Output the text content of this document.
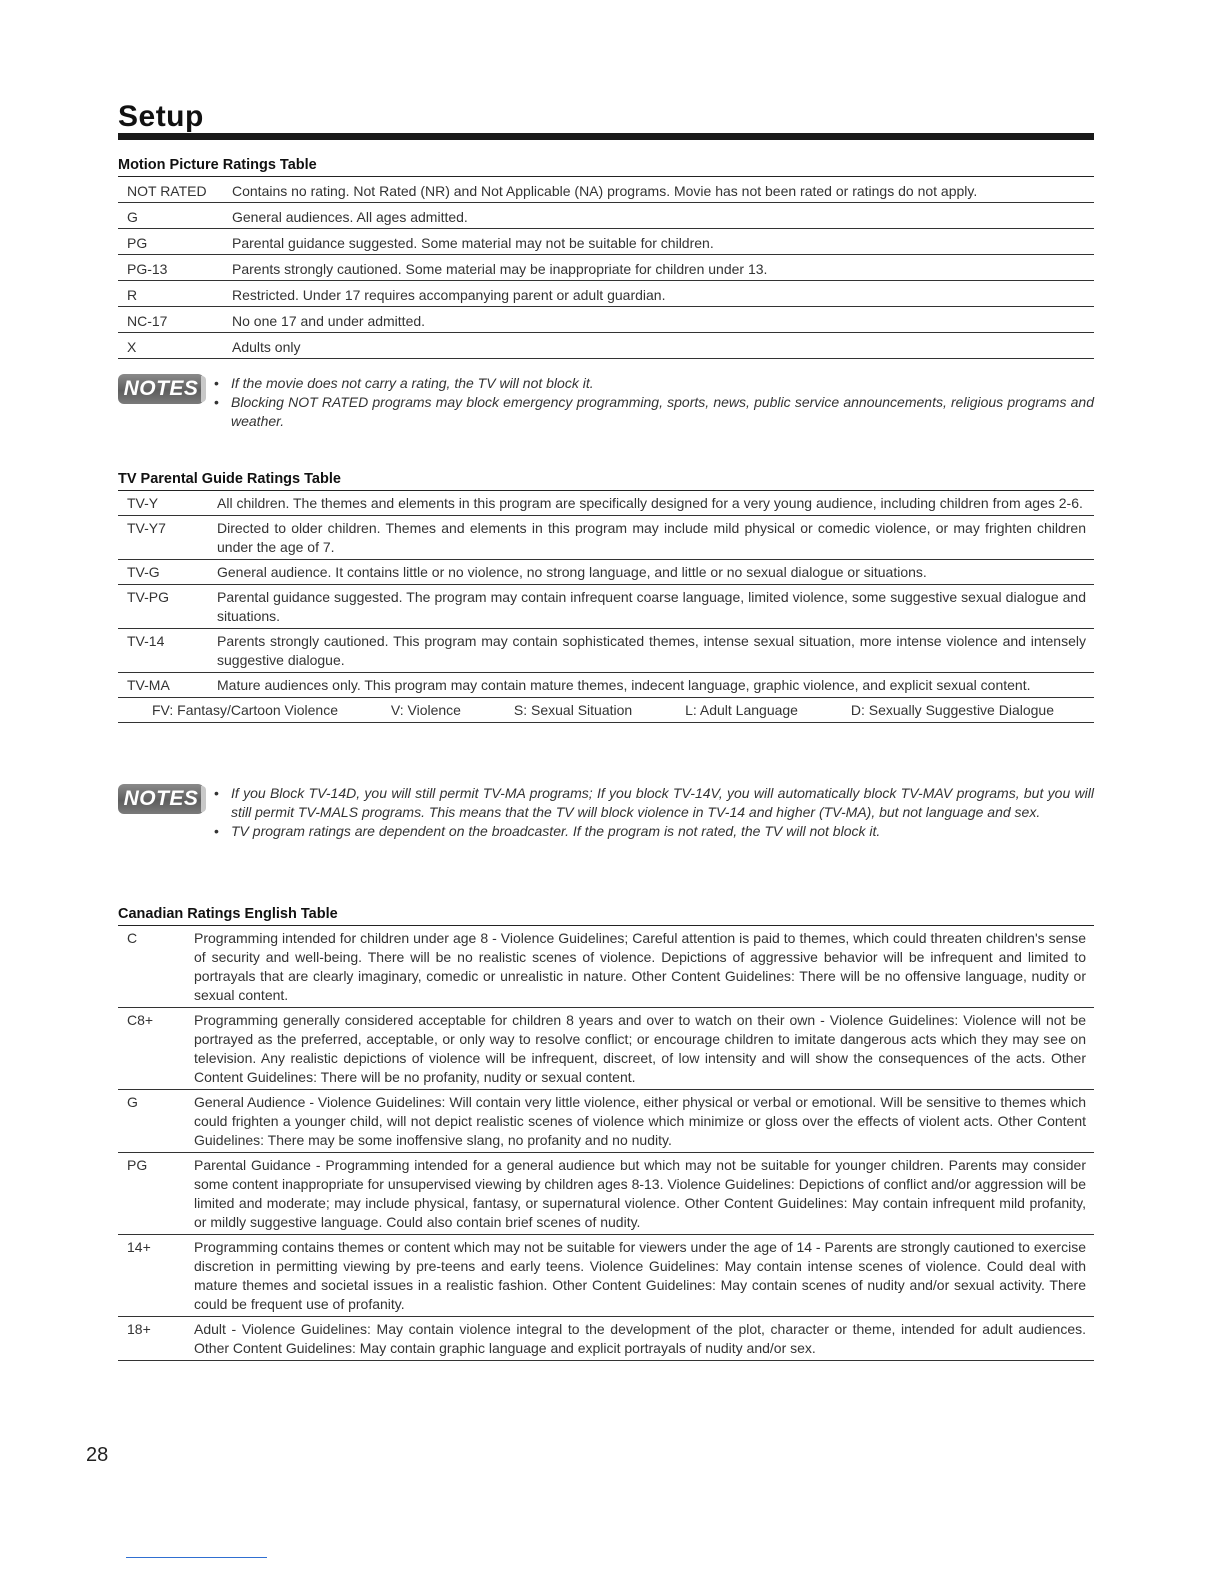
Setup
Motion Picture Ratings Table
NOT RATED	Contains no rating. Not Rated (NR) and Not Applicable (NA) programs. Movie has not been rated or ratings do not apply.
G	General audiences. All ages admitted.
PG	Parental guidance suggested. Some material may not be suitable for children.
PG-13	Parents strongly cautioned. Some material may be inappropriate for children under 13.
R	Restricted. Under 17 requires accompanying parent or adult guardian.
NC-17	No one 17 and under admitted.
X	Adults only
NOTES	• If the movie does not carry a rating, the TV will not block it.
• Blocking NOT RATED programs may block emergency programming, sports, news, public service announcements, religious programs and weather.
TV Parental Guide Ratings Table
TV-Y	All children. The themes and elements in this program are specifically designed for a very young audience, including children from ages 2-6.
TV-Y7	Directed to older children. Themes and elements in this program may include mild physical or comedic violence, or may frighten children under the age of 7.
TV-G	General audience. It contains little or no violence, no strong language, and little or no sexual dialogue or situations.
TV-PG	Parental guidance suggested. The program may contain infrequent coarse language, limited violence, some suggestive sexual dialogue and situations.
TV-14	Parents strongly cautioned. This program may contain sophisticated themes, intense sexual situation, more intense violence and intensely suggestive dialogue.
TV-MA	Mature audiences only. This program may contain mature themes, indecent language, graphic violence, and explicit sexual content.
FV: Fantasy/Cartoon Violence	V: Violence	S: Sexual Situation	L: Adult Language	D: Sexually Suggestive Dialogue
NOTES	• If you Block TV-14D, you will still permit TV-MA programs; If you block TV-14V, you will automatically block TV-MAV programs, but you will still permit TV-MALS programs. This means that the TV will block violence in TV-14 and higher (TV-MA), but not language and sex.
• TV program ratings are dependent on the broadcaster. If the program is not rated, the TV will not block it.
Canadian Ratings English Table
C	Programming intended for children under age 8 - Violence Guidelines; Careful attention is paid to themes, which could threaten children's sense of security and well-being. There will be no realistic scenes of violence. Depictions of aggressive behavior will be infrequent and limited to portrayals that are clearly imaginary, comedic or unrealistic in nature. Other Content Guidelines: There will be no offensive language, nudity or sexual content.
C8+	Programming generally considered acceptable for children 8 years and over to watch on their own - Violence Guidelines: Violence will not be portrayed as the preferred, acceptable, or only way to resolve conflict; or encourage children to imitate dangerous acts which they may see on television. Any realistic depictions of violence will be infrequent, discreet, of low intensity and will show the consequences of the acts. Other Content Guidelines: There will be no profanity, nudity or sexual content.
G	General Audience - Violence Guidelines: Will contain very little violence, either physical or verbal or emotional. Will be sensitive to themes which could frighten a younger child, will not depict realistic scenes of violence which minimize or gloss over the effects of violent acts. Other Content Guidelines: There may be some inoffensive slang, no profanity and no nudity.
PG	Parental Guidance - Programming intended for a general audience but which may not be suitable for younger children. Parents may consider some content inappropriate for unsupervised viewing by children ages 8-13. Violence Guidelines: Depictions of conflict and/or aggression will be limited and moderate; may include physical, fantasy, or supernatural violence. Other Content Guidelines: May contain infrequent mild profanity, or mildly suggestive language. Could also contain brief scenes of nudity.
14+	Programming contains themes or content which may not be suitable for viewers under the age of 14 - Parents are strongly cautioned to exercise discretion in permitting viewing by pre-teens and early teens. Violence Guidelines: May contain intense scenes of violence. Could deal with mature themes and societal issues in a realistic fashion. Other Content Guidelines: May contain scenes of nudity and/or sexual activity. There could be frequent use of profanity.
18+	Adult - Violence Guidelines: May contain violence integral to the development of the plot, character or theme, intended for adult audiences. Other Content Guidelines: May contain graphic language and explicit portrayals of nudity and/or sex.
28
